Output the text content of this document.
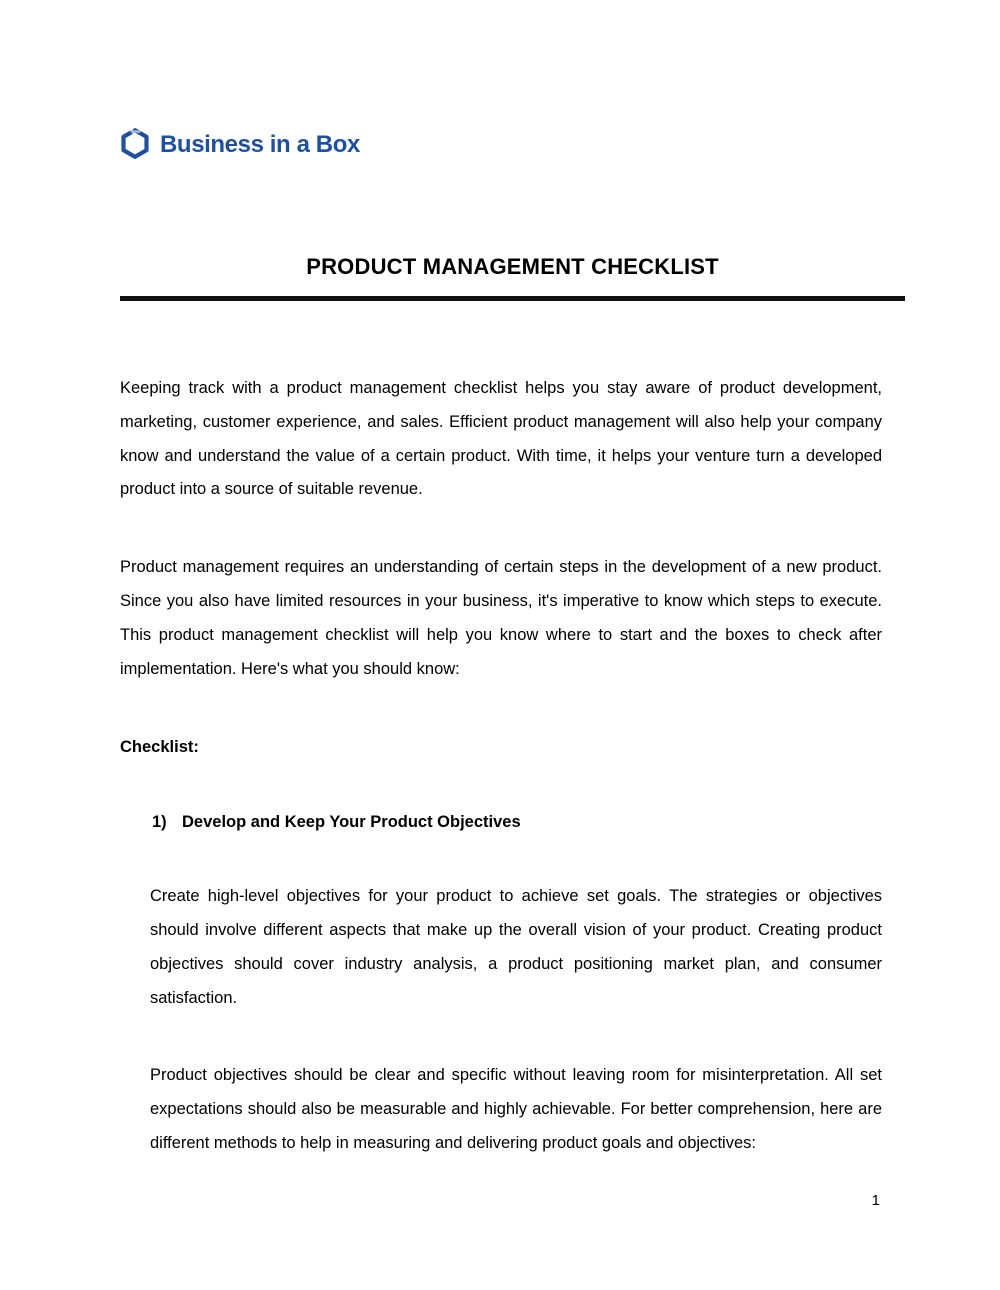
Business in a Box
PRODUCT MANAGEMENT CHECKLIST

Keeping track with a product management checklist helps you stay aware of product development, marketing, customer experience, and sales. Efficient product management will also help your company know and understand the value of a certain product. With time, it helps your venture turn a developed product into a source of suitable revenue.

Product management requires an understanding of certain steps in the development of a new product. Since you also have limited resources in your business, it's imperative to know which steps to execute. This product management checklist will help you know where to start and the boxes to check after implementation. Here's what you should know:

Checklist:

1) Develop and Keep Your Product Objectives

Create high-level objectives for your product to achieve set goals. The strategies or objectives should involve different aspects that make up the overall vision of your product. Creating product objectives should cover industry analysis, a product positioning market plan, and consumer satisfaction.

Product objectives should be clear and specific without leaving room for misinterpretation. All set expectations should also be measurable and highly achievable. For better comprehension, here are different methods to help in measuring and delivering product goals and objectives:

1
